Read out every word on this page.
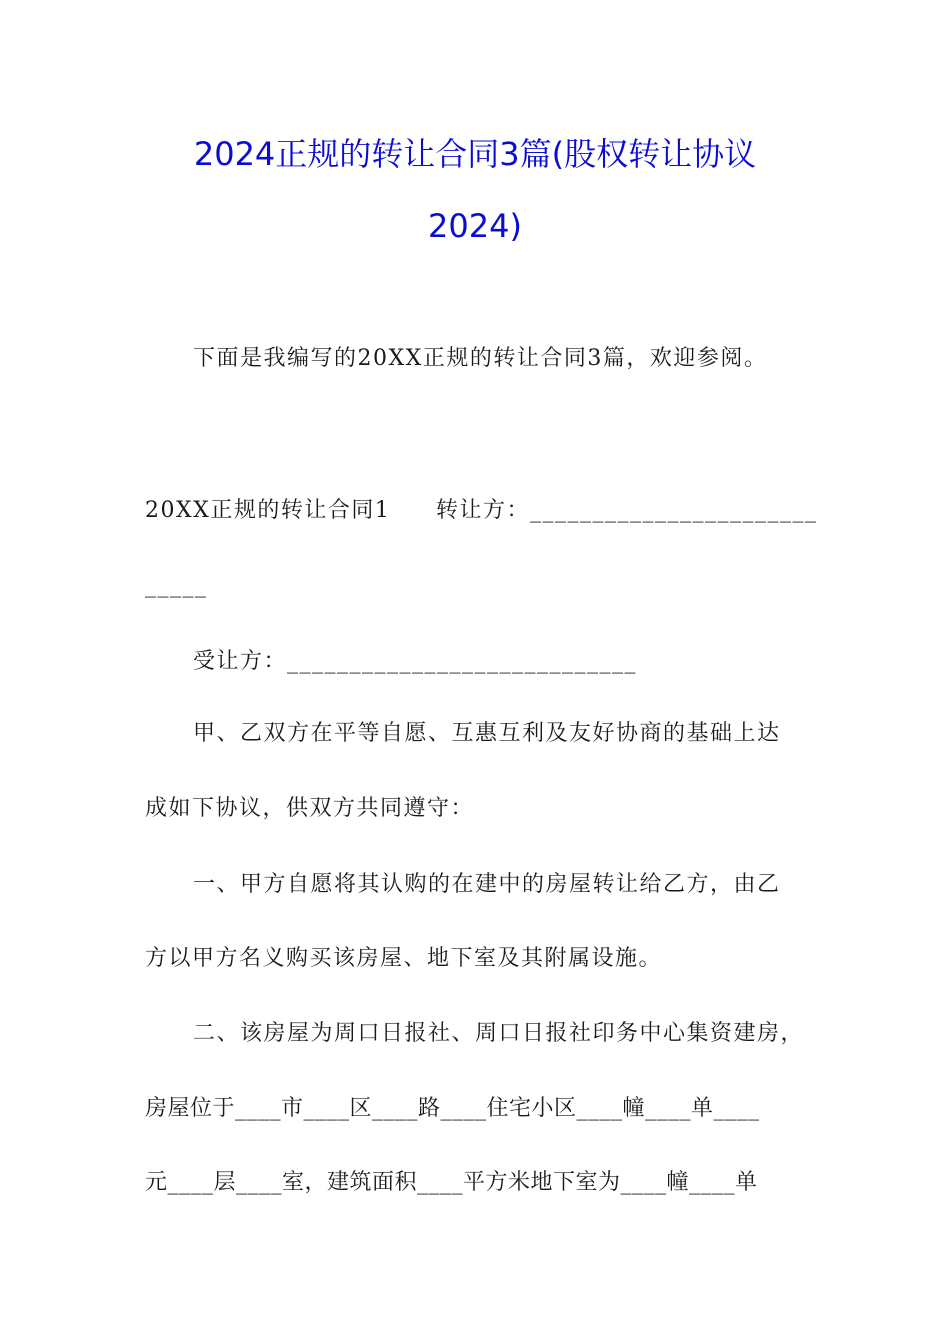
2024正规的转让合同3篇(股权转让协议
2024)
下面是我编写的20XX正规的转让合同3篇，欢迎参阅。
20XX正规的转让合同1 转让方：_______________________
_____
受让方：____________________________
甲、乙双方在平等自愿、互惠互利及友好协商的基础上达
成如下协议，供双方共同遵守：
一、甲方自愿将其认购的在建中的房屋转让给乙方，由乙
方以甲方名义购买该房屋、地下室及其附属设施。
二、该房屋为周口日报社、周口日报社印务中心集资建房，
房屋位于____市____区____路____住宅小区____幢____单____
元____层____室，建筑面积____平方米地下室为____幢____单
